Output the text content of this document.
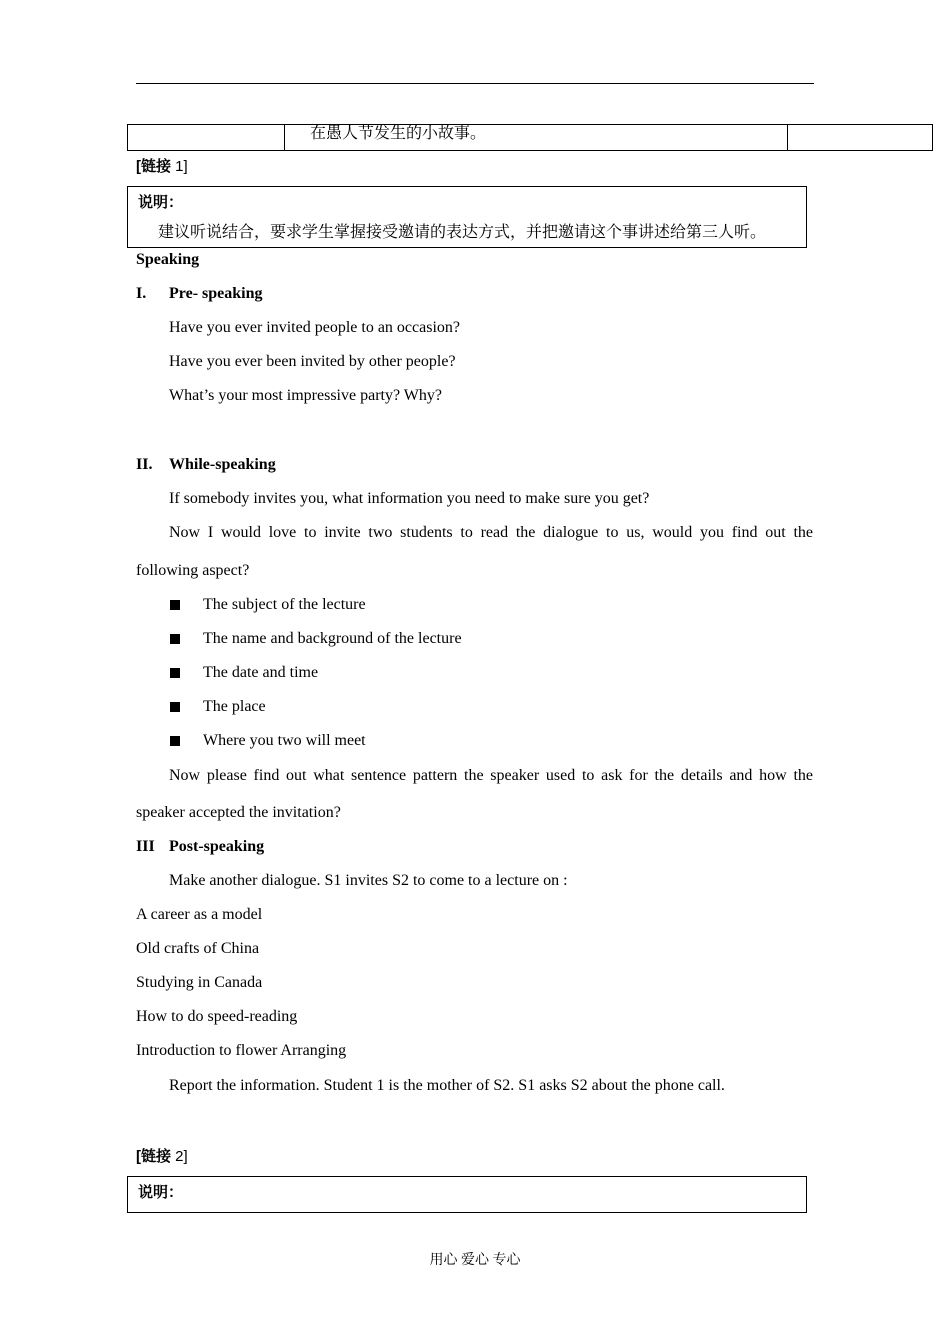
	在愚人节发生的小故事。	
[链接 1]
说明：
建议听说结合，要求学生掌握接受邀请的表达方式，并把邀请这个事讲述给第三人听。
Speaking
I. Pre- speaking
Have you ever invited people to an occasion?
Have you ever been invited by other people?
What’s your most impressive party? Why?
II. While-speaking
If somebody invites you, what information you need to make sure you get?
Now I would love to invite two students to read the dialogue to us, would you find out the
following aspect?
The subject of the lecture
The name and background of the lecture
The date and time
The place
Where you two will meet
Now please find out what sentence pattern the speaker used to ask for the details and how the
speaker accepted the invitation?
III Post-speaking
Make another dialogue. S1 invites S2 to come to a lecture on :
A career as a model
Old crafts of China
Studying in Canada
How to do speed-reading
Introduction to flower Arranging
Report the information. Student 1 is the mother of S2. S1 asks S2 about the phone call.
[链接 2]
说明：
用心 爱心 专心
